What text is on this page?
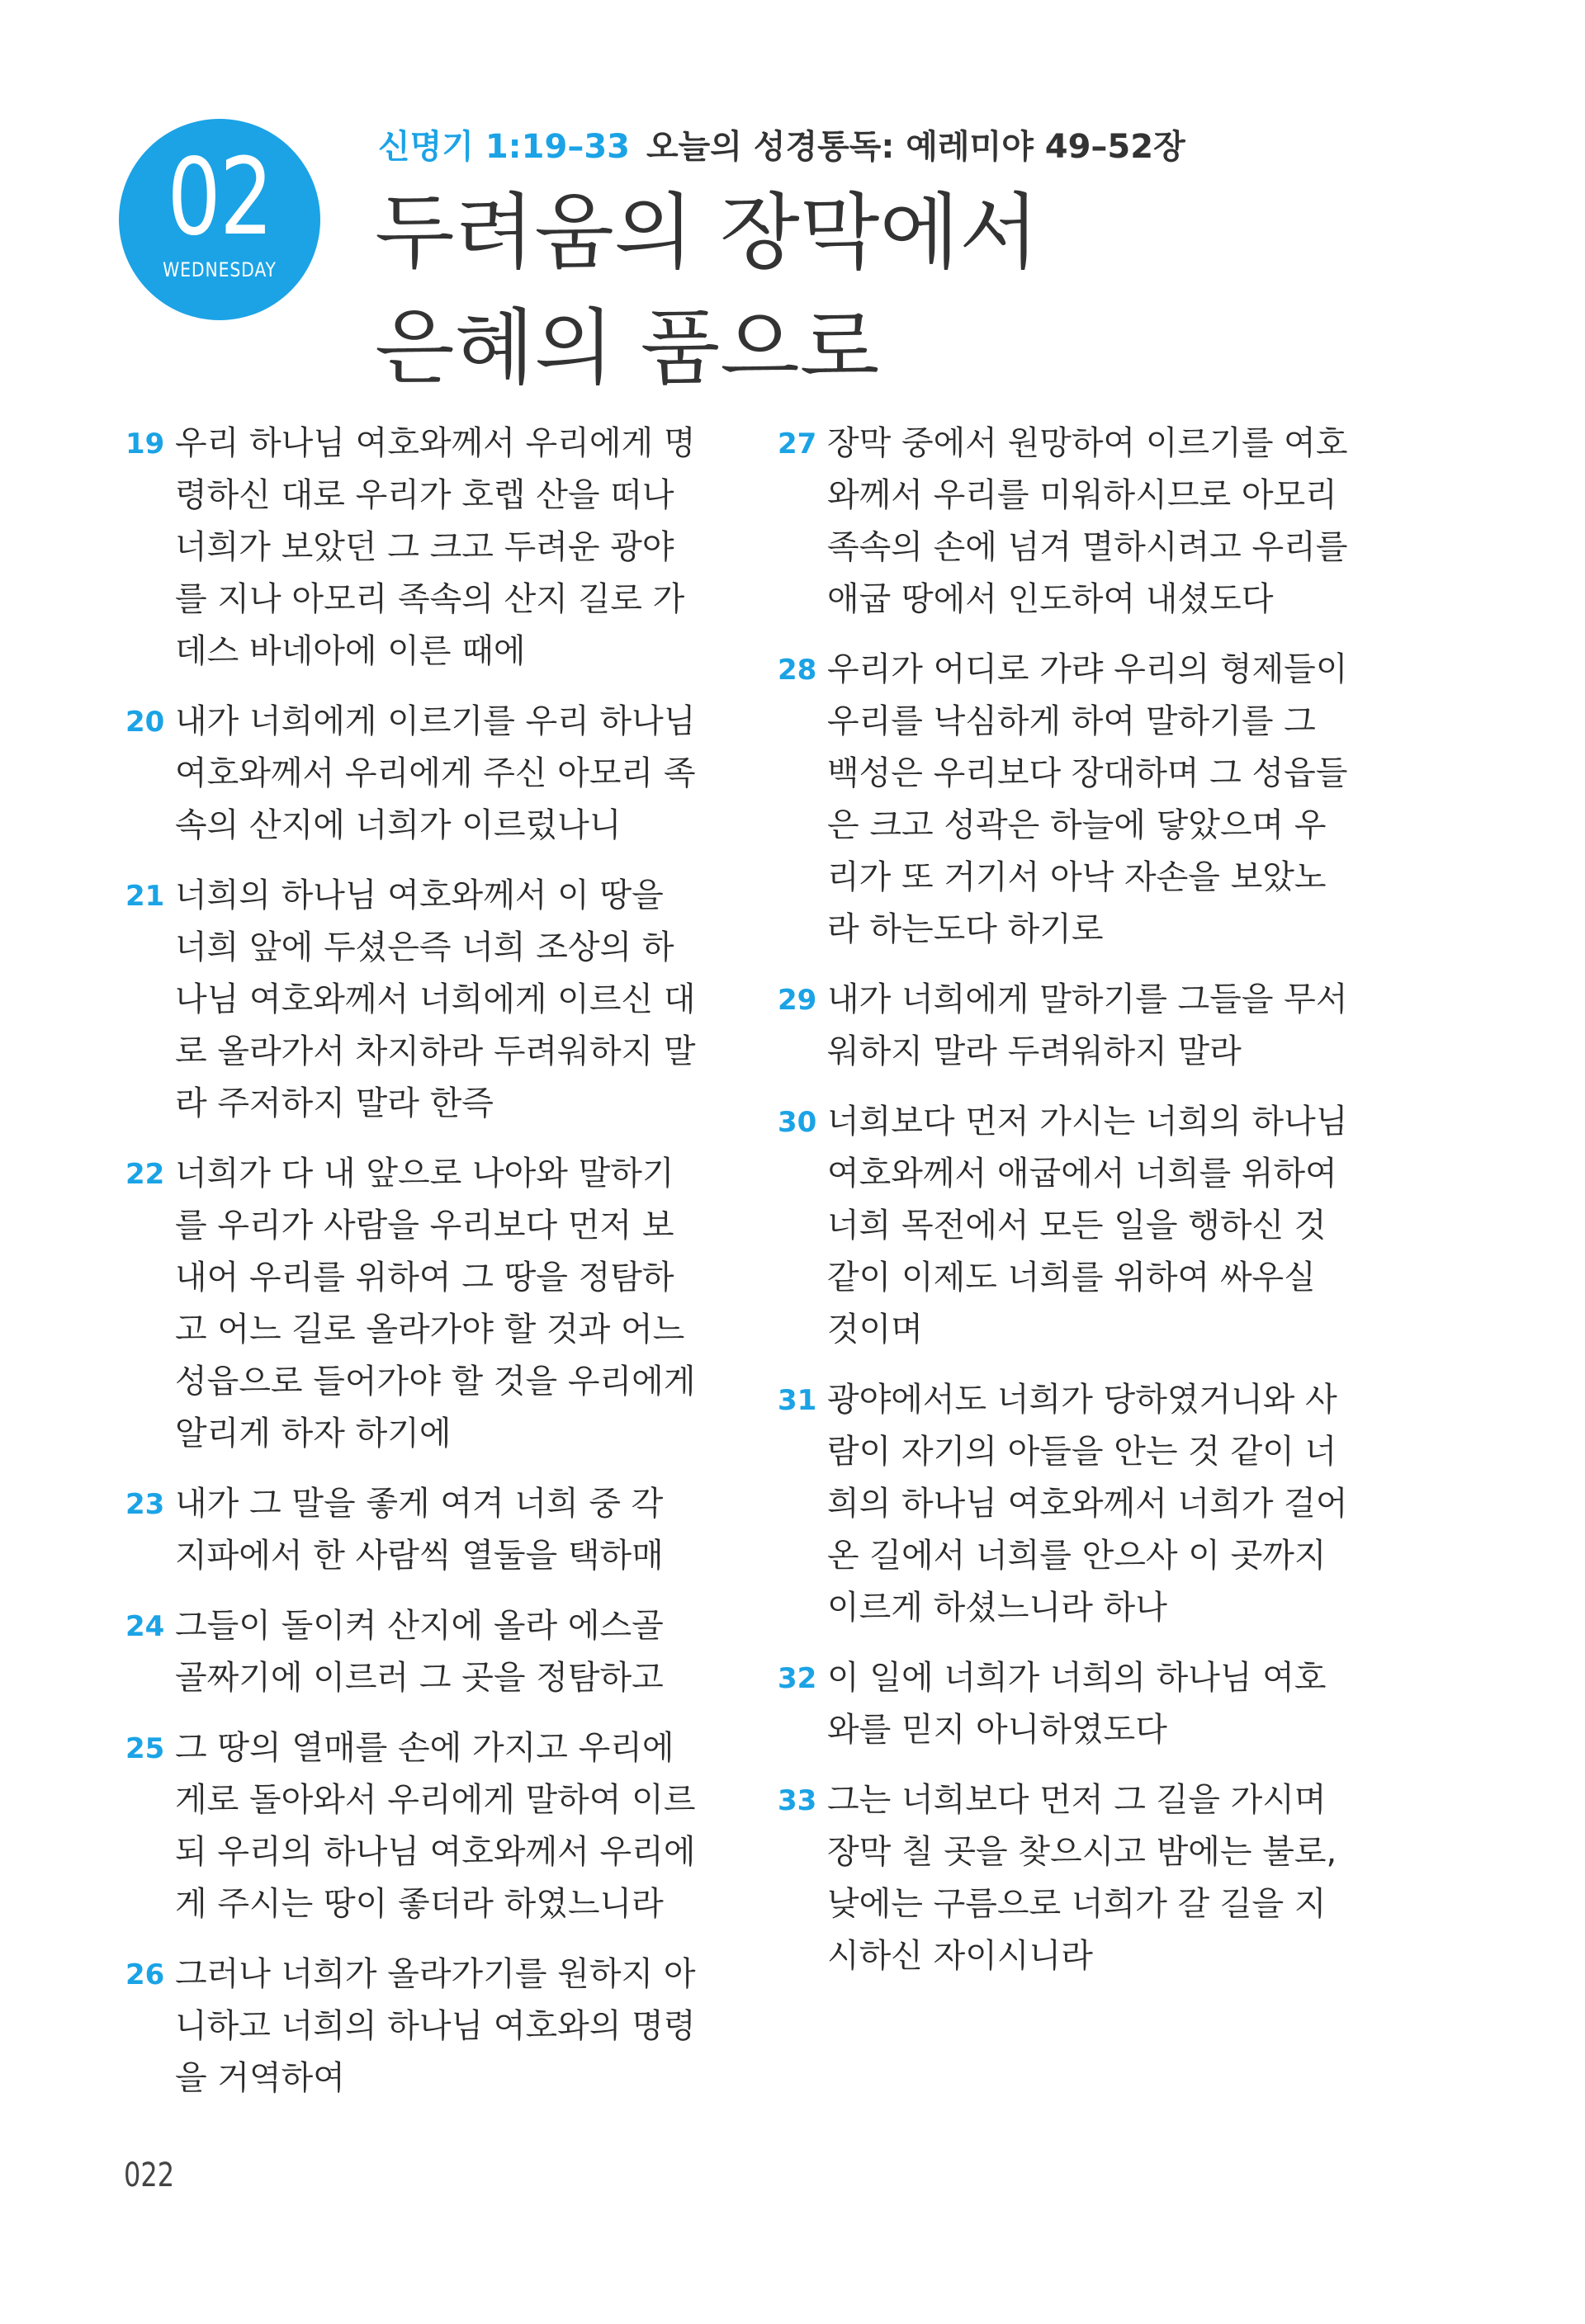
02
WEDNESDAY
신명기 1:19–33 오늘의 성경통독: 예레미야 49–52장
두려움의 장막에서
은혜의 품으로
19 우리 하나님 여호와께서 우리에게 명
령하신 대로 우리가 호렙 산을 떠나
너희가 보았던 그 크고 두려운 광야
를 지나 아모리 족속의 산지 길로 가
데스 바네아에 이른 때에
20 내가 너희에게 이르기를 우리 하나님
여호와께서 우리에게 주신 아모리 족
속의 산지에 너희가 이르렀나니
21 너희의 하나님 여호와께서 이 땅을
너희 앞에 두셨은즉 너희 조상의 하
나님 여호와께서 너희에게 이르신 대
로 올라가서 차지하라 두려워하지 말
라 주저하지 말라 한즉
22 너희가 다 내 앞으로 나아와 말하기
를 우리가 사람을 우리보다 먼저 보
내어 우리를 위하여 그 땅을 정탐하
고 어느 길로 올라가야 할 것과 어느
성읍으로 들어가야 할 것을 우리에게
알리게 하자 하기에
23 내가 그 말을 좋게 여겨 너희 중 각
지파에서 한 사람씩 열둘을 택하매
24 그들이 돌이켜 산지에 올라 에스골
골짜기에 이르러 그 곳을 정탐하고
25 그 땅의 열매를 손에 가지고 우리에
게로 돌아와서 우리에게 말하여 이르
되 우리의 하나님 여호와께서 우리에
게 주시는 땅이 좋더라 하였느니라
26 그러나 너희가 올라가기를 원하지 아
니하고 너희의 하나님 여호와의 명령
을 거역하여
27 장막 중에서 원망하여 이르기를 여호
와께서 우리를 미워하시므로 아모리
족속의 손에 넘겨 멸하시려고 우리를
애굽 땅에서 인도하여 내셨도다
28 우리가 어디로 가랴 우리의 형제들이
우리를 낙심하게 하여 말하기를 그
백성은 우리보다 장대하며 그 성읍들
은 크고 성곽은 하늘에 닿았으며 우
리가 또 거기서 아낙 자손을 보았노
라 하는도다 하기로
29 내가 너희에게 말하기를 그들을 무서
워하지 말라 두려워하지 말라
30 너희보다 먼저 가시는 너희의 하나님
여호와께서 애굽에서 너희를 위하여
너희 목전에서 모든 일을 행하신 것
같이 이제도 너희를 위하여 싸우실
것이며
31 광야에서도 너희가 당하였거니와 사
람이 자기의 아들을 안는 것 같이 너
희의 하나님 여호와께서 너희가 걸어
온 길에서 너희를 안으사 이 곳까지
이르게 하셨느니라 하나
32 이 일에 너희가 너희의 하나님 여호
와를 믿지 아니하였도다
33 그는 너희보다 먼저 그 길을 가시며
장막 칠 곳을 찾으시고 밤에는 불로,
낮에는 구름으로 너희가 갈 길을 지
시하신 자이시니라
022
